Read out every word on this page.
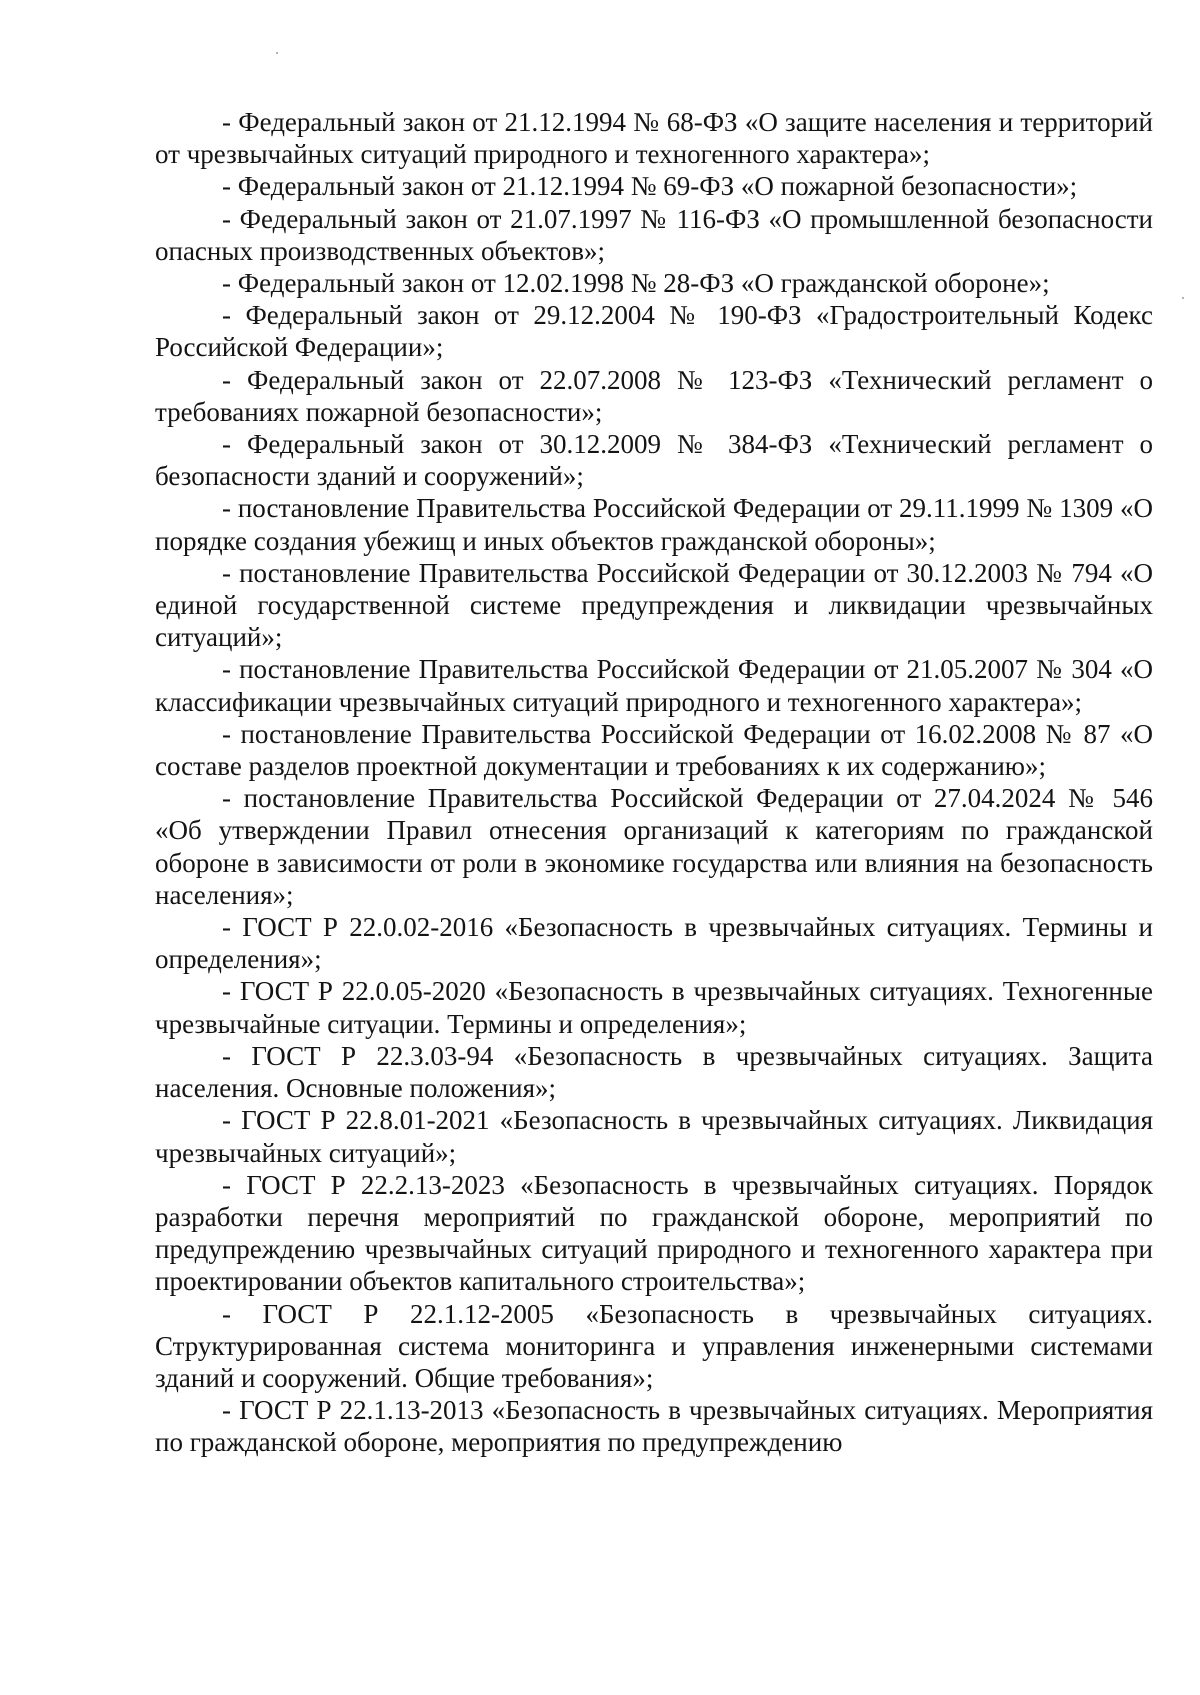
- Федеральный закон от 21.12.1994 № 68-ФЗ «О защите населения и территорий от чрезвычайных ситуаций природного и техногенного характера»;

- Федеральный закон от 21.12.1994 № 69-ФЗ «О пожарной безопасности»;

- Федеральный закон от 21.07.1997 № 116-ФЗ «О промышленной безопасности опасных производственных объектов»;

- Федеральный закон от 12.02.1998 № 28-ФЗ «О гражданской обороне»;

- Федеральный закон от 29.12.2004 № 190-ФЗ «Градостроительный Кодекс Российской Федерации»;

- Федеральный закон от 22.07.2008 № 123-ФЗ «Технический регламент о требованиях пожарной безопасности»;

- Федеральный закон от 30.12.2009 № 384-ФЗ «Технический регламент о безопасности зданий и сооружений»;

- постановление Правительства Российской Федерации от 29.11.1999 № 1309 «О порядке создания убежищ и иных объектов гражданской обороны»;

- постановление Правительства Российской Федерации от 30.12.2003 № 794 «О единой государственной системе предупреждения и ликвидации чрезвычайных ситуаций»;

- постановление Правительства Российской Федерации от 21.05.2007 № 304 «О классификации чрезвычайных ситуаций природного и техногенного характера»;

- постановление Правительства Российской Федерации от 16.02.2008 № 87 «О составе разделов проектной документации и требованиях к их содержанию»;

- постановление Правительства Российской Федерации от 27.04.2024 № 546 «Об утверждении Правил отнесения организаций к категориям по гражданской обороне в зависимости от роли в экономике государства или влияния на безопасность населения»;

- ГОСТ Р 22.0.02-2016 «Безопасность в чрезвычайных ситуациях. Термины и определения»;

- ГОСТ Р 22.0.05-2020 «Безопасность в чрезвычайных ситуациях. Техногенные чрезвычайные ситуации. Термины и определения»;

- ГОСТ Р 22.3.03-94 «Безопасность в чрезвычайных ситуациях. Защита населения. Основные положения»;

- ГОСТ Р 22.8.01-2021 «Безопасность в чрезвычайных ситуациях. Ликвидация чрезвычайных ситуаций»;

- ГОСТ Р 22.2.13-2023 «Безопасность в чрезвычайных ситуациях. Порядок разработки перечня мероприятий по гражданской обороне, мероприятий по предупреждению чрезвычайных ситуаций природного и техногенного характера при проектировании объектов капитального строительства»;

- ГОСТ Р 22.1.12-2005 «Безопасность в чрезвычайных ситуациях. Структурированная система мониторинга и управления инженерными системами зданий и сооружений. Общие требования»;

- ГОСТ Р 22.1.13-2013 «Безопасность в чрезвычайных ситуациях. Мероприятия по гражданской обороне, мероприятия по предупреждению
